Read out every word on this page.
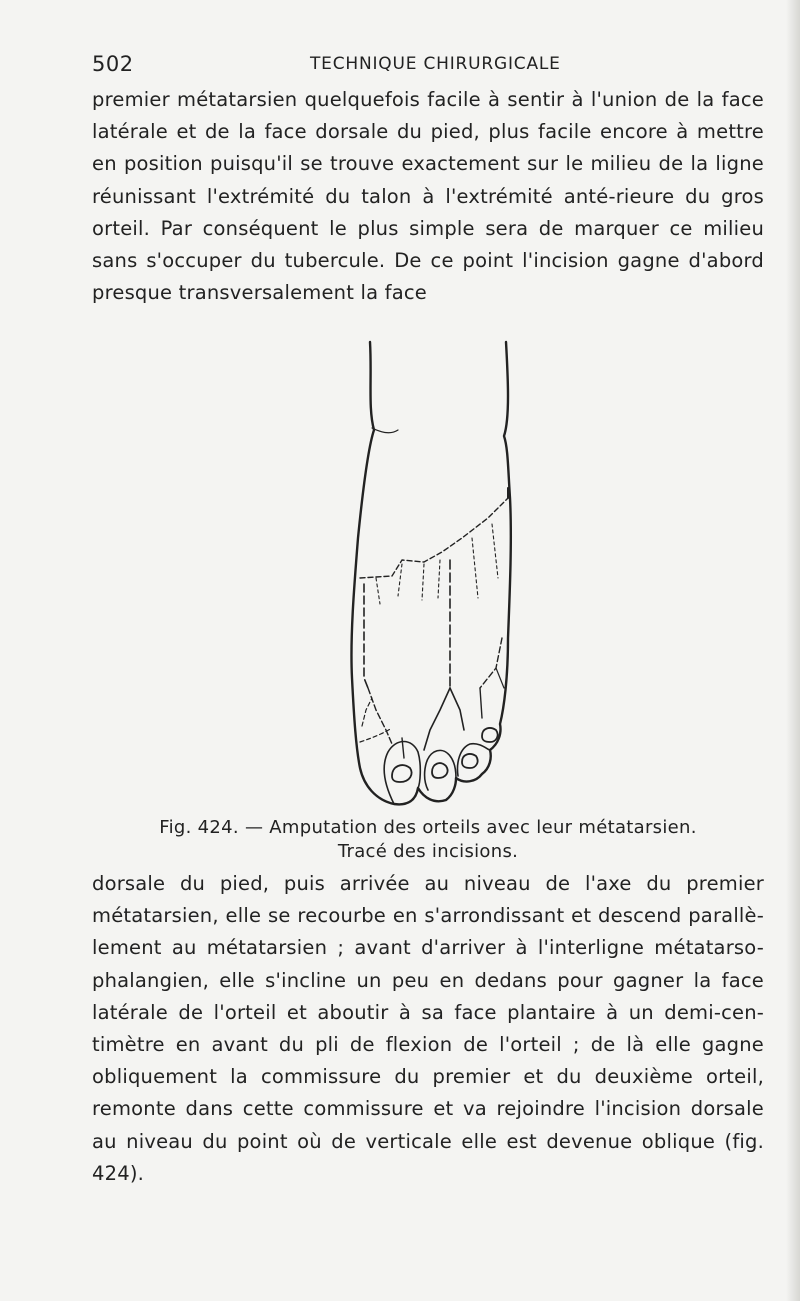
502	TECHNIQUE CHIRURGICALE

premier métatarsien quelquefois facile à sentir à l'union de la face latérale et de la face dorsale du pied, plus facile encore à mettre en position puisqu'il se trouve exactement sur le milieu de la ligne réunissant l'extrémité du talon à l'extrémité anté-rieure du gros orteil. Par conséquent le plus simple sera de marquer ce milieu sans s'occuper du tubercule. De ce point l'incision gagne d'abord presque transversalement la face

Fig. 424. — Amputation des orteils avec leur métatarsien.
Tracé des incisions.

dorsale du pied, puis arrivée au niveau de l'axe du premier métatarsien, elle se recourbe en s'arrondissant et descend parallè-lement au métatarsien ; avant d'arriver à l'interligne métatarso-phalangien, elle s'incline un peu en dedans pour gagner la face latérale de l'orteil et aboutir à sa face plantaire à un demi-cen-timètre en avant du pli de flexion de l'orteil ; de là elle gagne obliquement la commissure du premier et du deuxième orteil, remonte dans cette commissure et va rejoindre l'incision dorsale au niveau du point où de verticale elle est devenue oblique (fig. 424).
